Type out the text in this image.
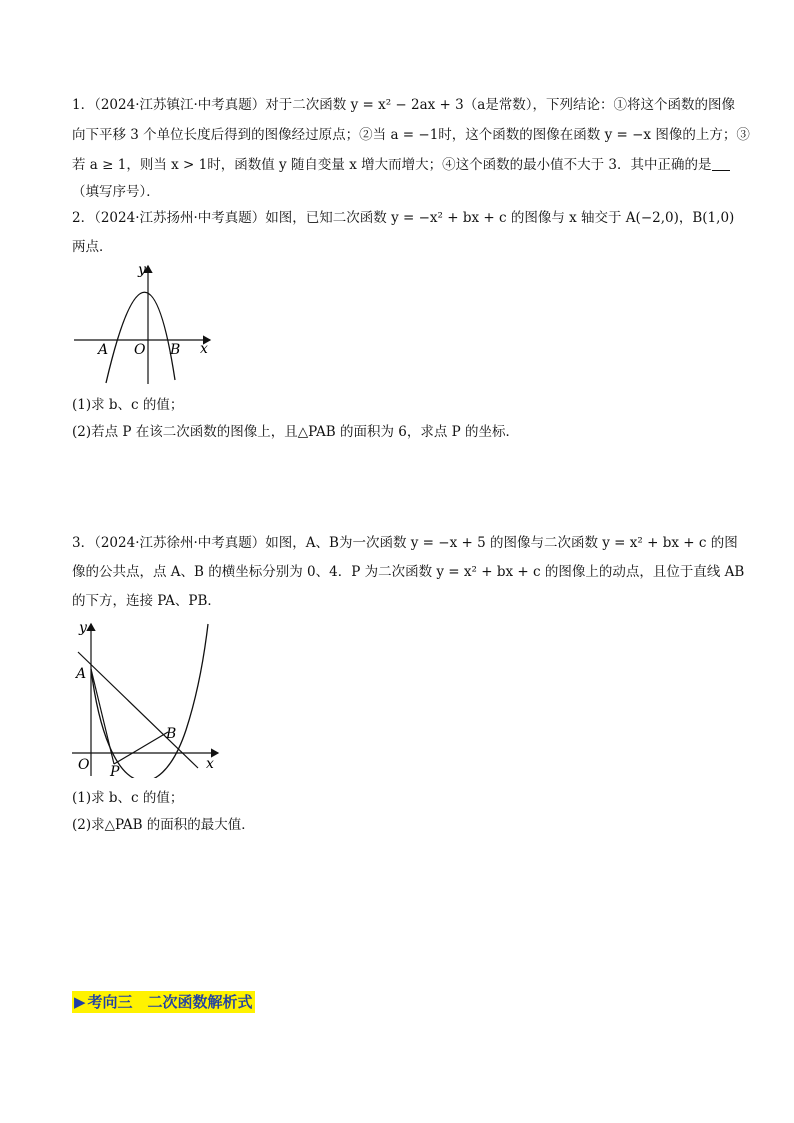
1．（2024·江苏镇江·中考真题）对于二次函数 y = x² − 2ax + 3（a是常数），下列结论：①将这个函数的图像
向下平移 3 个单位长度后得到的图像经过原点；②当 a = −1时，这个函数的图像在函数 y = −x 图像的上方；③
若 a ≥ 1，则当 x > 1时，函数值 y 随自变量 x 增大而增大；④这个函数的最小值不大于 3．其中正确的是
（填写序号）．
2．（2024·江苏扬州·中考真题）如图，已知二次函数 y = −x² + bx + c 的图像与 x 轴交于 A(−2,0)，B(1,0)
两点．
y
x
A O B
(1)求 b、c 的值；
(2)若点 P 在该二次函数的图像上，且△PAB 的面积为 6，求点 P 的坐标．
3．（2024·江苏徐州·中考真题）如图，A、B为一次函数 y = −x + 5 的图像与二次函数 y = x² + bx + c 的图
像的公共点，点 A、B 的横坐标分别为 0、4．P 为二次函数 y = x² + bx + c 的图像上的动点，且位于直线 AB
的下方，连接 PA、PB．
y
x
A
O
B
P
(1)求 b、c 的值；
(2)求△PAB 的面积的最大值．
▶ 考向三　二次函数解析式
